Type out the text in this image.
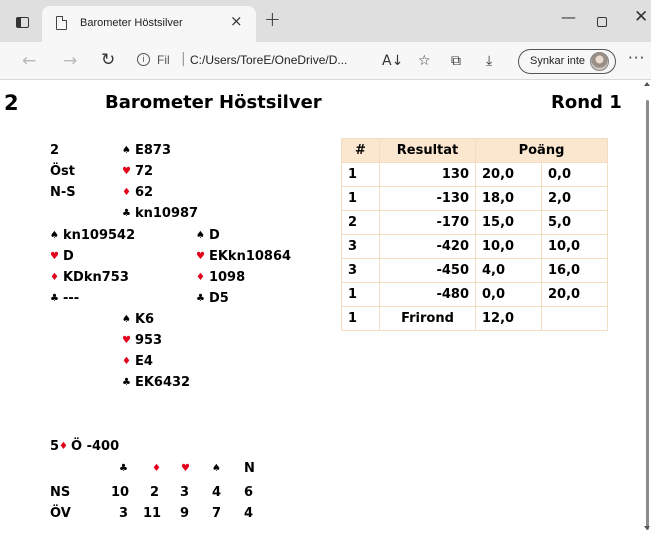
Barometer Höstsilver	× +	—	✕
← → ↻	i	Fil | C:/Users/ToreE/OneDrive/D... A↓ ☆ ⧉ ⤓	Synkar inte	···
2	Barometer Höstsilver	Rond 1
2
Öst
N-S
♠ E873
♥ 72
♦ 62
♣ kn10987
♠ kn109542
♥ D
♦ KDkn753
♣ ---
♠ D
♥ EKkn10864
♦ 1098
♣ D5
♠ K6
♥ 953
♦ E4
♣ EK6432
5♦ Ö -400
♣	♦	♥	♠	N
NS	10 2 3 4 6
ÖV	3 11 9 7 4
#	Resultat	Poäng	
1	130	20,0	0,0
1	-130	18,0	2,0
2	-170	15,0	5,0
3	-420	10,0	10,0
3	-450	4,0	16,0
1	-480	0,0	20,0
1	Frirond	12,0	
